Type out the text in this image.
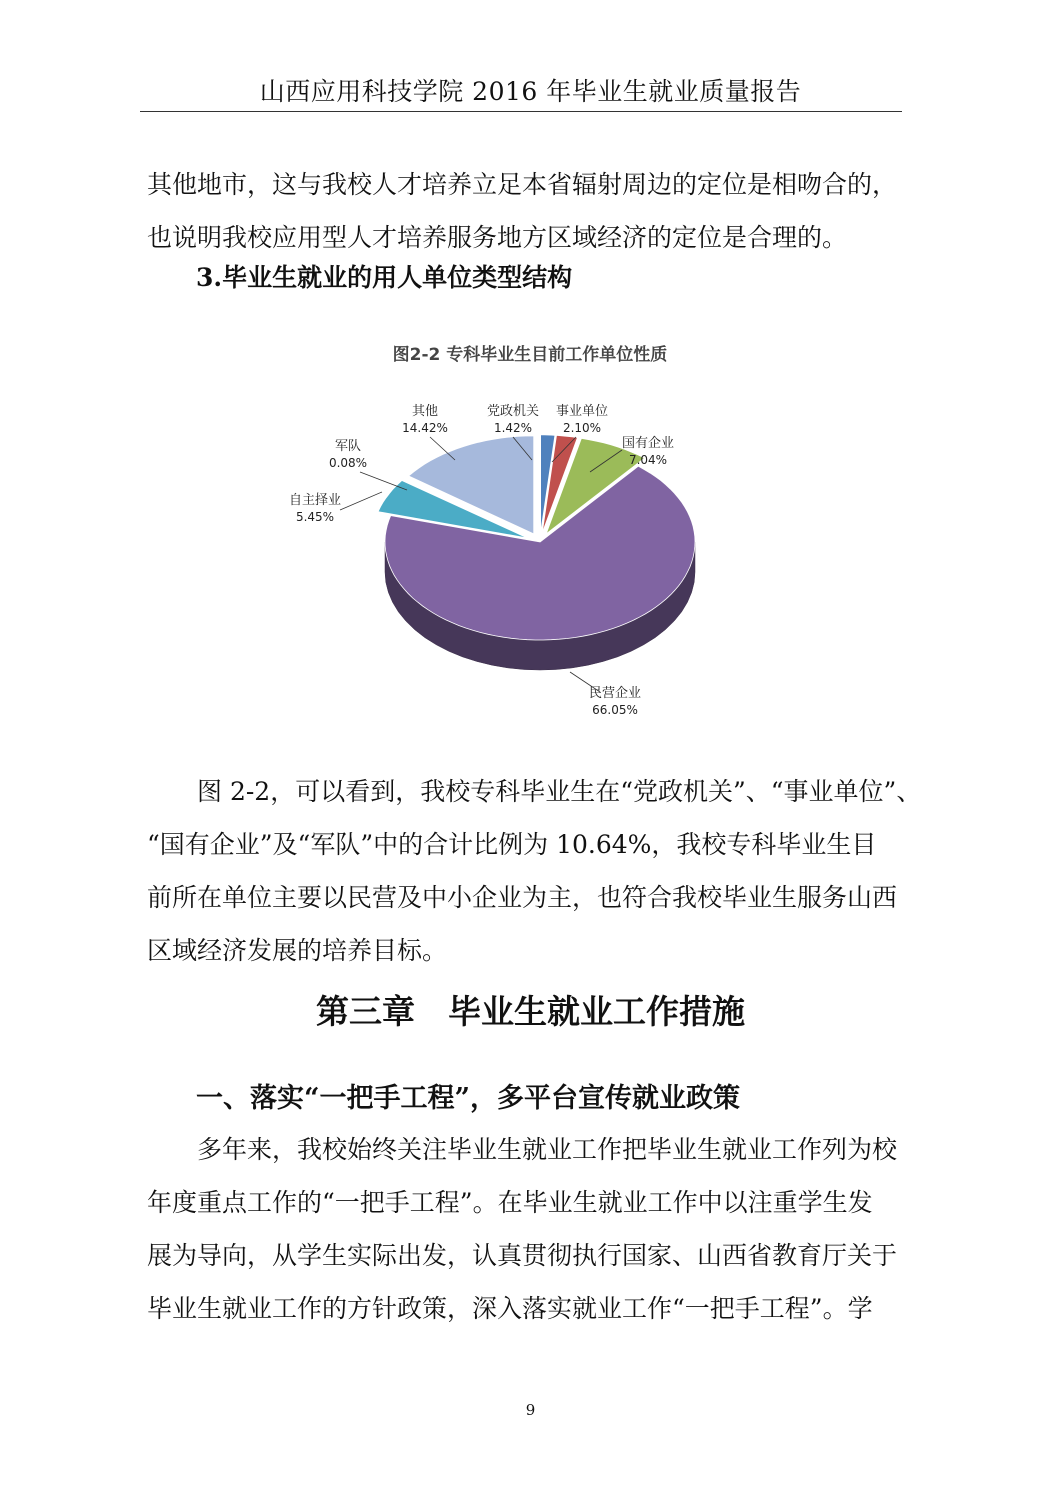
山西应用科技学院 2016 年毕业生就业质量报告
其他地市，这与我校人才培养立足本省辐射周边的定位是相吻合的，
也说明我校应用型人才培养服务地方区域经济的定位是合理的。
3.毕业生就业的用人单位类型结构
图2-2 专科毕业生目前工作单位性质
党政机关
1.42%
事业单位
2.10%
国有企业
7.04%
民营企业
66.05%
自主择业
5.45%
军队
0.08%
其他
14.42%
图 2-2，可以看到，我校专科毕业生在“党政机关”、“事业单位”、
“国有企业”及“军队”中的合计比例为 10.64%，我校专科毕业生目
前所在单位主要以民营及中小企业为主，也符合我校毕业生服务山西
区域经济发展的培养目标。
第三章　毕业生就业工作措施
一、落实“一把手工程”，多平台宣传就业政策
多年来，我校始终关注毕业生就业工作把毕业生就业工作列为校
年度重点工作的“一把手工程”。在毕业生就业工作中以注重学生发
展为导向，从学生实际出发，认真贯彻执行国家、山西省教育厅关于
毕业生就业工作的方针政策，深入落实就业工作“一把手工程”。学
9
